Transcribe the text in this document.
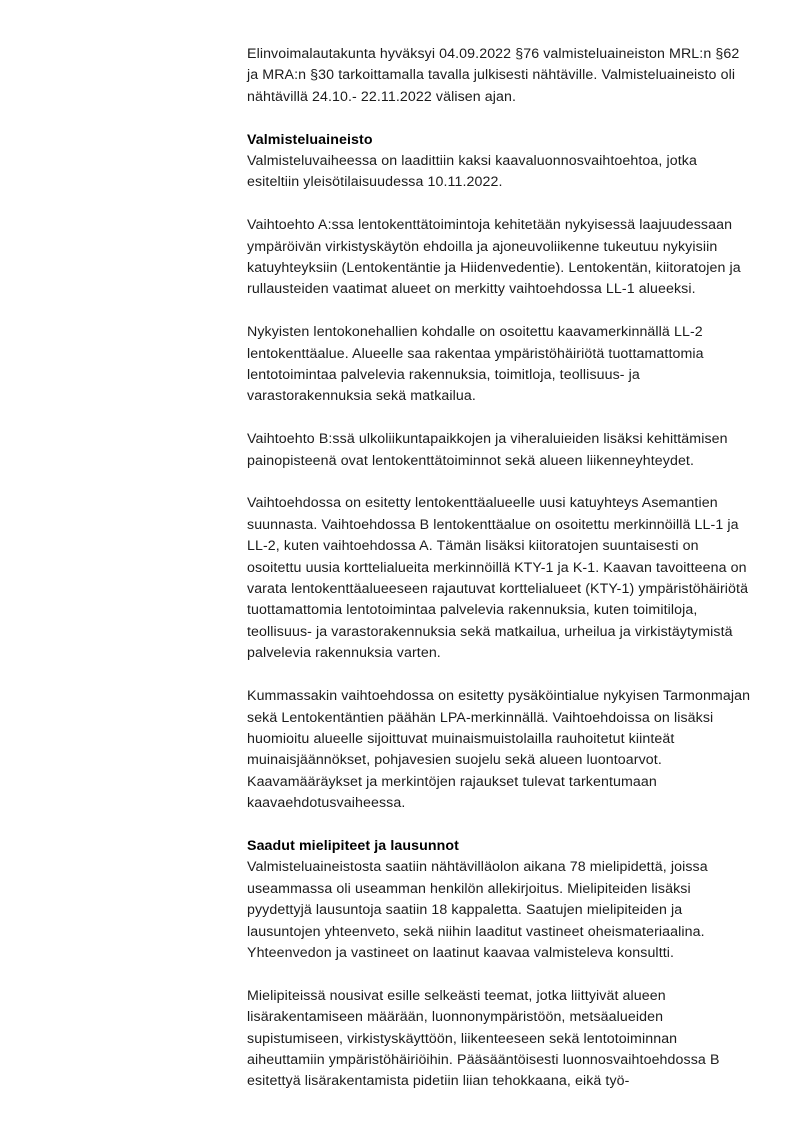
Elinvoimalautakunta hyväksyi 04.09.2022 §76 valmisteluaineiston MRL:n §62 ja MRA:n §30 tarkoittamalla tavalla julkisesti nähtäville. Valmisteluaineisto oli nähtävillä 24.10.- 22.11.2022 välisen ajan.

Valmisteluaineisto

Valmisteluvaiheessa on laadittiin kaksi kaavaluonnosvaihtoehtoa, jotka esiteltiin yleisötilaisuudessa 10.11.2022.

Vaihtoehto A:ssa lentokenttätoimintoja kehitetään nykyisessä laajuudessaan ympäröivän virkistyskäytön ehdoilla ja ajoneuvoliikenne tukeutuu nykyisiin katuyhteyksiin (Lentokentäntie ja Hiidenvedentie). Lentokentän, kiitoratojen ja rullausteiden vaatimat alueet on merkitty vaihtoehdossa LL-1 alueeksi.

Nykyisten lentokonehallien kohdalle on osoitettu kaavamerkinnällä LL-2 lentokenttäalue. Alueelle saa rakentaa ympäristöhäiriötä tuottamattomia lentotoimintaa palvelevia rakennuksia, toimitloja, teollisuus- ja varastorakennuksia sekä matkailua.

Vaihtoehto B:ssä ulkoliikuntapaikkojen ja viheraluieiden lisäksi kehittämisen painopisteenä ovat lentokenttätoiminnot sekä alueen liikenneyhteydet.

Vaihtoehdossa on esitetty lentokenttäalueelle uusi katuyhteys Asemantien suunnasta. Vaihtoehdossa B lentokenttäalue on osoitettu merkinnöillä LL-1 ja LL-2, kuten vaihtoehdossa A. Tämän lisäksi kiitoratojen suuntaisesti on osoitettu uusia korttelialueita merkinnöillä KTY-1 ja K-1. Kaavan tavoitteena on varata lentokenttäalueeseen rajautuvat korttelialueet (KTY-1) ympäristöhäiriötä tuottamattomia lentotoimintaa palvelevia rakennuksia, kuten toimitiloja, teollisuus- ja varastorakennuksia sekä matkailua, urheilua ja virkistäytymistä palvelevia rakennuksia varten.

Kummassakin vaihtoehdossa on esitetty pysäköintialue nykyisen Tarmonmajan sekä Lentokentäntien päähän LPA-merkinnällä. Vaihtoehdoissa on lisäksi huomioitu alueelle sijoittuvat muinaismuistolailla rauhoitetut kiinteät muinaisjäännökset, pohjavesien suojelu sekä alueen luontoarvot. Kaavamääräykset ja merkintöjen rajaukset tulevat tarkentumaan kaavaehdotusvaiheessa.

Saadut mielipiteet ja lausunnot

Valmisteluaineistosta saatiin nähtävilläolon aikana 78 mielipidettä, joissa useammassa oli useamman henkilön allekirjoitus. Mielipiteiden lisäksi pyydettyjä lausuntoja saatiin 18 kappaletta. Saatujen mielipiteiden ja lausuntojen yhteenveto, sekä niihin laaditut vastineet oheismateriaalina. Yhteenvedon ja vastineet on laatinut kaavaa valmisteleva konsultti.

Mielipiteissä nousivat esille selkeästi teemat, jotka liittyivät alueen lisärakentamiseen määrään, luonnonympäristöön, metsäalueiden supistumiseen, virkistyskäyttöön, liikenteeseen sekä lentotoiminnan aiheuttamiin ympäristöhäiriöihin. Pääsääntöisesti luonnosvaihtoehdossa B esitettyä lisärakentamista pidetiin liian tehokkaana, eikä työ-
